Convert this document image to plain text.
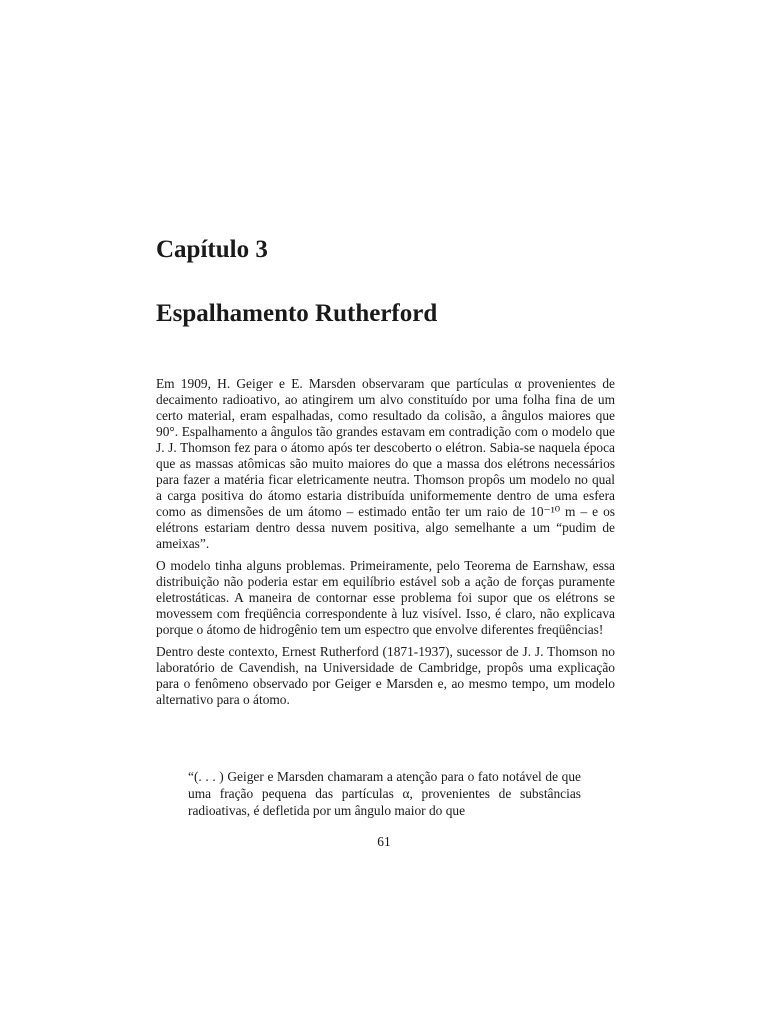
Capítulo 3
Espalhamento Rutherford

Em 1909, H. Geiger e E. Marsden observaram que partículas α provenientes de decaimento radioativo, ao atingirem um alvo constituído por uma folha fina de um certo material, eram espalhadas, como resultado da colisão, a ângulos maiores que 90°. Espalhamento a ângulos tão grandes estavam em contradição com o modelo que J. J. Thomson fez para o átomo após ter descoberto o elétron. Sabia-se naquela época que as massas atômicas são muito maiores do que a massa dos elétrons necessários para fazer a matéria ficar eletricamente neutra. Thomson propôs um modelo no qual a carga positiva do átomo estaria distribuída uniformemente dentro de uma esfera como as dimensões de um átomo – estimado então ter um raio de 10⁻¹⁰ m – e os elétrons estariam dentro dessa nuvem positiva, algo semelhante a um “pudim de ameixas”.

O modelo tinha alguns problemas. Primeiramente, pelo Teorema de Earnshaw, essa distribuição não poderia estar em equilíbrio estável sob a ação de forças puramente eletrostáticas. A maneira de contornar esse problema foi supor que os elétrons se movessem com freqüência correspondente à luz visível. Isso, é claro, não explicava porque o átomo de hidrogênio tem um espectro que envolve diferentes freqüências!

Dentro deste contexto, Ernest Rutherford (1871-1937), sucessor de J. J. Thomson no laboratório de Cavendish, na Universidade de Cambridge, propôs uma explicação para o fenômeno observado por Geiger e Marsden e, ao mesmo tempo, um modelo alternativo para o átomo.

“(. . . ) Geiger e Marsden chamaram a atenção para o fato notável de que uma fração pequena das partículas α, provenientes de substâncias radioativas, é defletida por um ângulo maior do que

61
